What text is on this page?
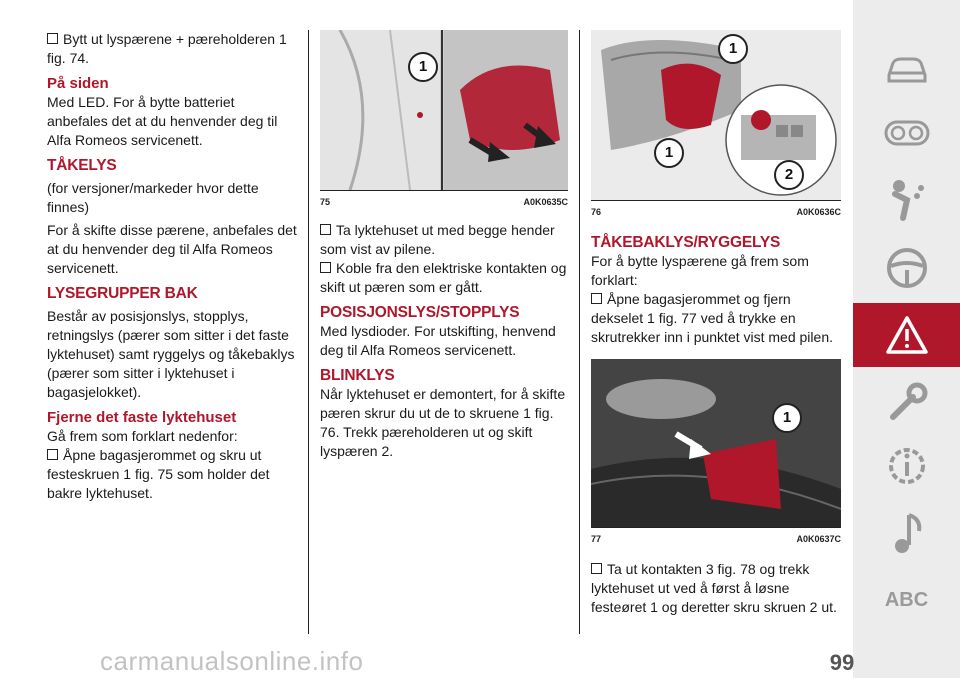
Bytt ut lyspærene + pæreholderen 1 fig. 74.

På siden

Med LED. For å bytte batteriet anbefales det at du henvender deg til Alfa Romeos servicenett.

TÅKELYS

(for versjoner/markeder hvor dette finnes)

For å skifte disse pærene, anbefales det at du henvender deg til Alfa Romeos servicenett.

LYSEGRUPPER BAK

Består av posisjonslys, stopplys, retningslys (pærer som sitter i det faste lyktehuset) samt ryggelys og tåkebaklys (pærer som sitter i lyktehuset i bagasjelokket).

Fjerne det faste lyktehuset

Gå frem som forklart nedenfor:

Åpne bagasjerommet og skru ut festeskruen 1 fig. 75 som holder det bakre lyktehuset.

1
75	A0K0635C

Ta lyktehuset ut med begge hender som vist av pilene.

Koble fra den elektriske kontakten og skift ut pæren som er gått.

POSISJONSLYS/STOPPLYS

Med lysdioder. For utskifting, henvend deg til Alfa Romeos servicenett.

BLINKLYS

Når lyktehuset er demontert, for å skifte pæren skrur du ut de to skruene 1 fig. 76. Trekk pæreholderen ut og skift lyspæren 2.

1
1
2
76	A0K0636C

TÅKEBAKLYS/RYGGELYS

For å bytte lyspærene gå frem som forklart:

Åpne bagasjerommet og fjern dekselet 1 fig. 77 ved å trykke en skrutrekker inn i punktet vist med pilen.

1
77	A0K0637C

Ta ut kontakten 3 fig. 78 og trekk lyktehuset ut ved å først å løsne festeøret 1 og deretter skru skruen 2 ut. ABC
carmanualsonline.info	99
